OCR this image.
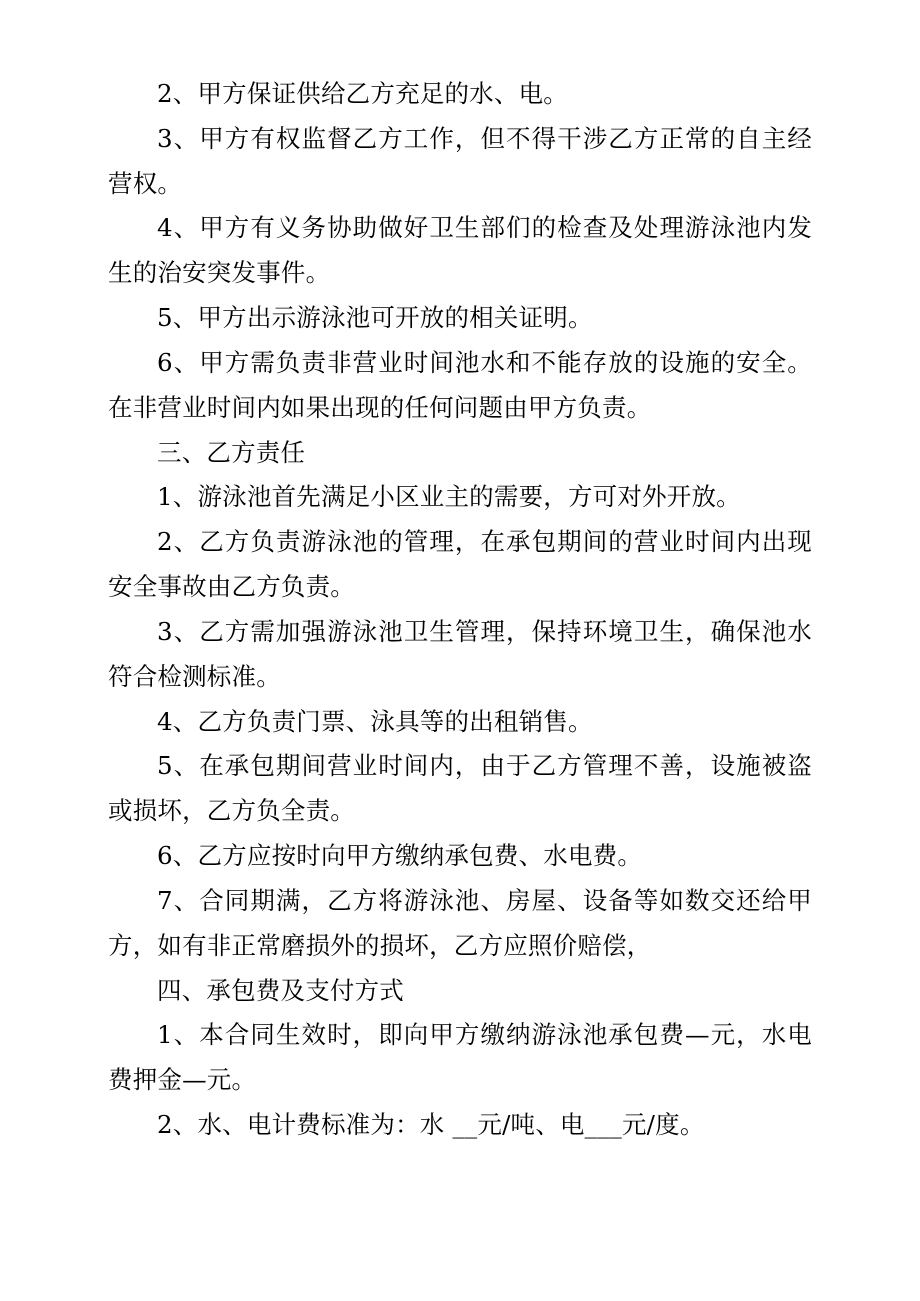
2、甲方保证供给乙方充足的水、电。

3、甲方有权监督乙方工作，但不得干涉乙方正常的自主经营权。

4、甲方有义务协助做好卫生部们的检查及处理游泳池内发生的治安突发事件。

5、甲方出示游泳池可开放的相关证明。

6、甲方需负责非营业时间池水和不能存放的设施的安全。在非营业时间内如果出现的任何问题由甲方负责。

三、乙方责任

1、游泳池首先满足小区业主的需要，方可对外开放。

2、乙方负责游泳池的管理，在承包期间的营业时间内出现安全事故由乙方负责。

3、乙方需加强游泳池卫生管理，保持环境卫生，确保池水符合检测标准。

4、乙方负责门票、泳具等的出租销售。

5、在承包期间营业时间内，由于乙方管理不善，设施被盗或损坏，乙方负全责。

6、乙方应按时向甲方缴纳承包费、水电费。

7、合同期满，乙方将游泳池、房屋、设备等如数交还给甲方，如有非正常磨损外的损坏，乙方应照价赔偿，

四、承包费及支付方式

1、本合同生效时，即向甲方缴纳游泳池承包费—元，水电费押金—元。

2、水、电计费标准为：水 __元/吨、电___元/度。
